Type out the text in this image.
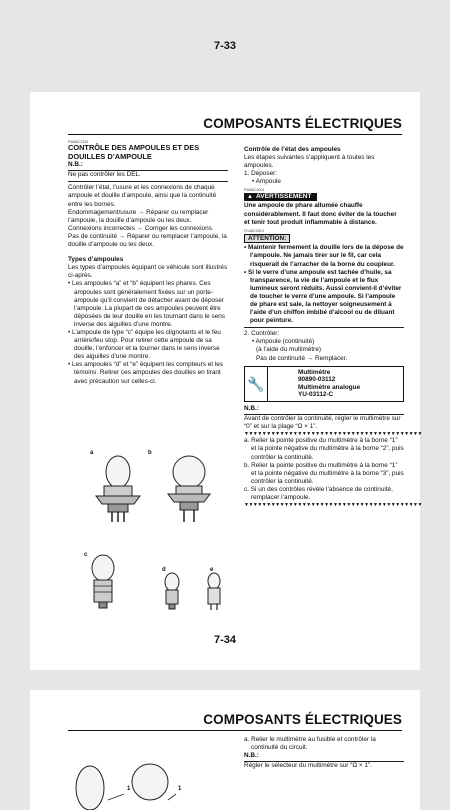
7-33
COMPOSANTS ÉLECTRIQUES
FWA6C3110

CONTRÔLE DES AMPOULES ET DES DOUILLES D’AMPOULE

N.B.:

Ne pas contrôler les DEL.

Contrôler l’état, l’usure et les connexions de chaque ampoule et douille d’ampoule, ainsi que la continuité entre les bornes.

Endommagement/usure → Réparer ou remplacer l’ampoule, la douille d’ampoule ou les deux.

Connexions incorrectes → Corriger les connexions.

Pas de continuité → Réparer ou remplacer l’ampoule, la douille d’ampoule ou les deux.

Types d’ampoules

Les types d’ampoules équipant ce véhicule sont illustrés ci-après.

• Les ampoules “a” et “b” équipent les phares. Ces ampoules sont généralement fixées sur un porte-ampoule qu’il convient de détacher avant de déposer l’ampoule. La plupart de ces ampoules peuvent être déposées de leur douille en les tournant dans le sens inverse des aiguilles d’une montre.

• L’ampoule de type “c” équipe les clignotants et le feu arrière/feu stop. Pour retirer cette ampoule de sa douille, l’enfoncer et la tourner dans le sens inverse des aiguilles d’une montre.

• Les ampoules “d” et “e” équipent les compteurs et les témoins. Retirer ces ampoules des douilles en tirant avec précaution sur celles-ci.

a	b
c
d	e

Contrôle de l’état des ampoules

Les étapes suivantes s’appliquent à toutes les ampoules.

1. Déposer:

• Ampoule

FWA6C3001
▲ AVERTISSEMENT

Une ampoule de phare allumée chauffe considérablement. Il faut donc éviter de la toucher et tenir tout produit inflammable à distance.

FCA6C3014
ATTENTION:

• Maintenir fermement la douille lors de la dépose de l’ampoule. Ne jamais tirer sur le fil, car cela risquerait de l’arracher de la borne du coupleur.

• Si le verre d’une ampoule est tachée d’huile, sa transparence, la vie de l’ampoule et le flux lumineux seront réduits. Aussi convient-il d’éviter de toucher le verre d’une ampoule. Si l’ampoule de phare est sale, la nettoyer soigneusement à l’aide d’un chiffon imbibé d’alcool ou de diluant pour peinture.

2. Contrôler:

• Ampoule (continuité)

(à l’aide du multimètre)

Pas de continuité → Remplacer.

🔧
Multimètre
90890-03112
Multimètre analogue
YU-03112-C

N.B.:

Avant de contrôler la continuité, régler le multimètre sur “0” et sur la plage “Ω × 1”.

▼▼▼▼▼▼▼▼▼▼▼▼▼▼▼▼▼▼▼▼▼▼▼▼▼▼▼▼▼▼▼▼▼▼▼▼▼▼▼▼

a. Relier la pointe positive du multimètre à la borne “1” et la pointe négative du multimètre à la borne “2”, puis contrôler la continuité.

b. Relier la pointe positive du multimètre à la borne “1” et la pointe négative du multimètre à la borne “3”, puis contrôler la continuité.

c. Si un des contrôles révèle l’absence de continuité, remplacer l’ampoule.

▼▼▼▼▼▼▼▼▼▼▼▼▼▼▼▼▼▼▼▼▼▼▼▼▼▼▼▼▼▼▼▼▼▼▼▼▼▼▼▼
7-34
COMPOSANTS ÉLECTRIQUES
1	1

a. Relier le multimètre au fusible et contrôler la continuité du circuit.

N.B.:

Régler le sélecteur du multimètre sur “Ω × 1”.
